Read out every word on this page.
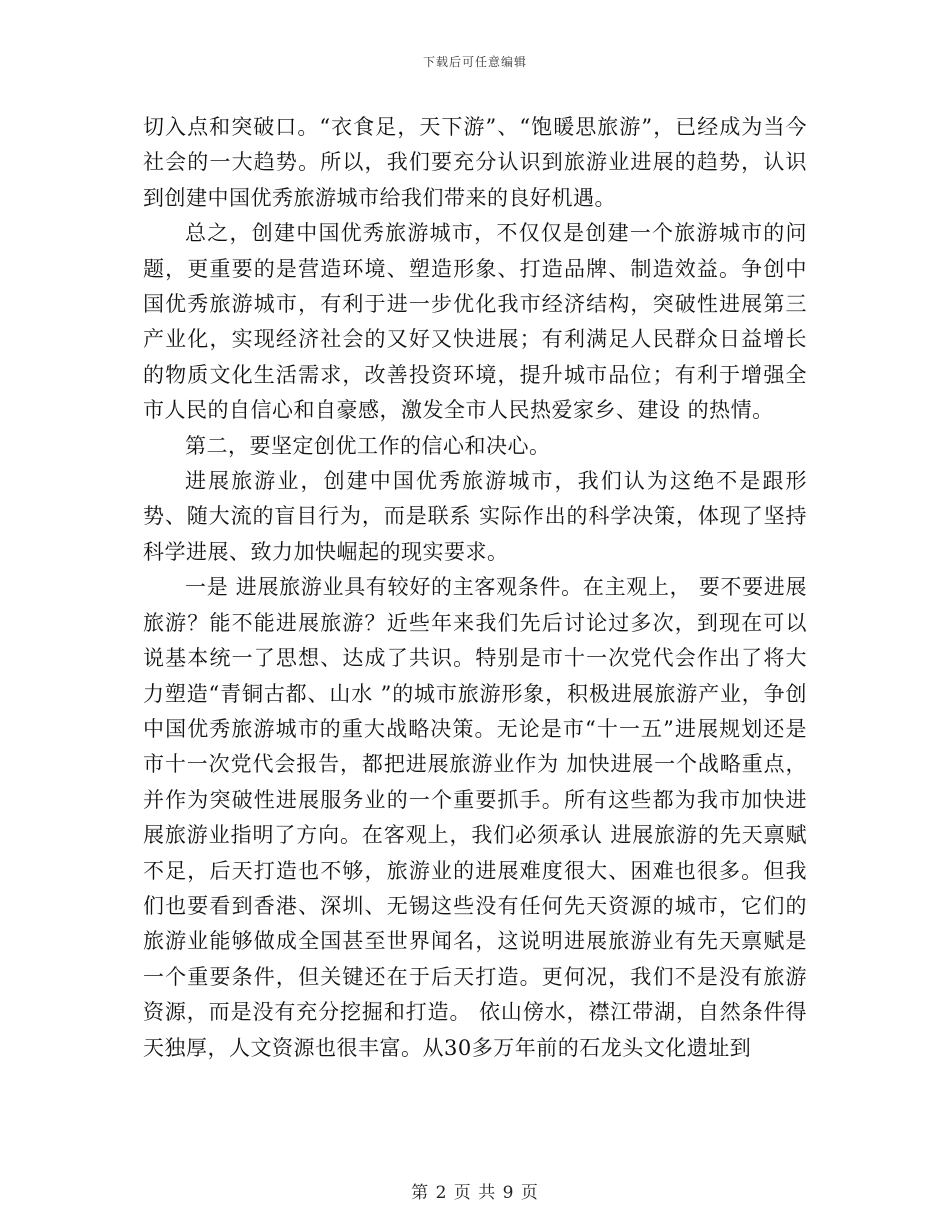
下载后可任意编辑

切入点和突破口。“衣食足，天下游”、“饱暖思旅游”，已经成为当今社会的一大趋势。所以，我们要充分认识到旅游业进展的趋势，认识到创建中国优秀旅游城市给我们带来的良好机遇。

总之，创建中国优秀旅游城市，不仅仅是创建一个旅游城市的问题，更重要的是营造环境、塑造形象、打造品牌、制造效益。争创中国优秀旅游城市，有利于进一步优化我市经济结构，突破性进展第三产业化，实现经济社会的又好又快进展；有利满足人民群众日益增长的物质文化生活需求，改善投资环境，提升城市品位；有利于增强全市人民的自信心和自豪感，激发全市人民热爱家乡、建设 的热情。

第二，要坚定创优工作的信心和决心。

进展旅游业，创建中国优秀旅游城市，我们认为这绝不是跟形势、随大流的盲目行为，而是联系 实际作出的科学决策，体现了坚持科学进展、致力加快崛起的现实要求。

一是 进展旅游业具有较好的主客观条件。在主观上， 要不要进展旅游？能不能进展旅游？近些年来我们先后讨论过多次，到现在可以说基本统一了思想、达成了共识。特别是市十一次党代会作出了将大力塑造“青铜古都、山水 ”的城市旅游形象，积极进展旅游产业，争创中国优秀旅游城市的重大战略决策。无论是市“十一五”进展规划还是市十一次党代会报告，都把进展旅游业作为 加快进展一个战略重点，并作为突破性进展服务业的一个重要抓手。所有这些都为我市加快进展旅游业指明了方向。在客观上，我们必须承认 进展旅游的先天禀赋不足，后天打造也不够，旅游业的进展难度很大、困难也很多。但我们也要看到香港、深圳、无锡这些没有任何先天资源的城市，它们的旅游业能够做成全国甚至世界闻名，这说明进展旅游业有先天禀赋是一个重要条件，但关键还在于后天打造。更何况，我们不是没有旅游资源，而是没有充分挖掘和打造。 依山傍水，襟江带湖，自然条件得天独厚，人文资源也很丰富。从30多万年前的石龙头文化遗址到

第 2 页 共 9 页
